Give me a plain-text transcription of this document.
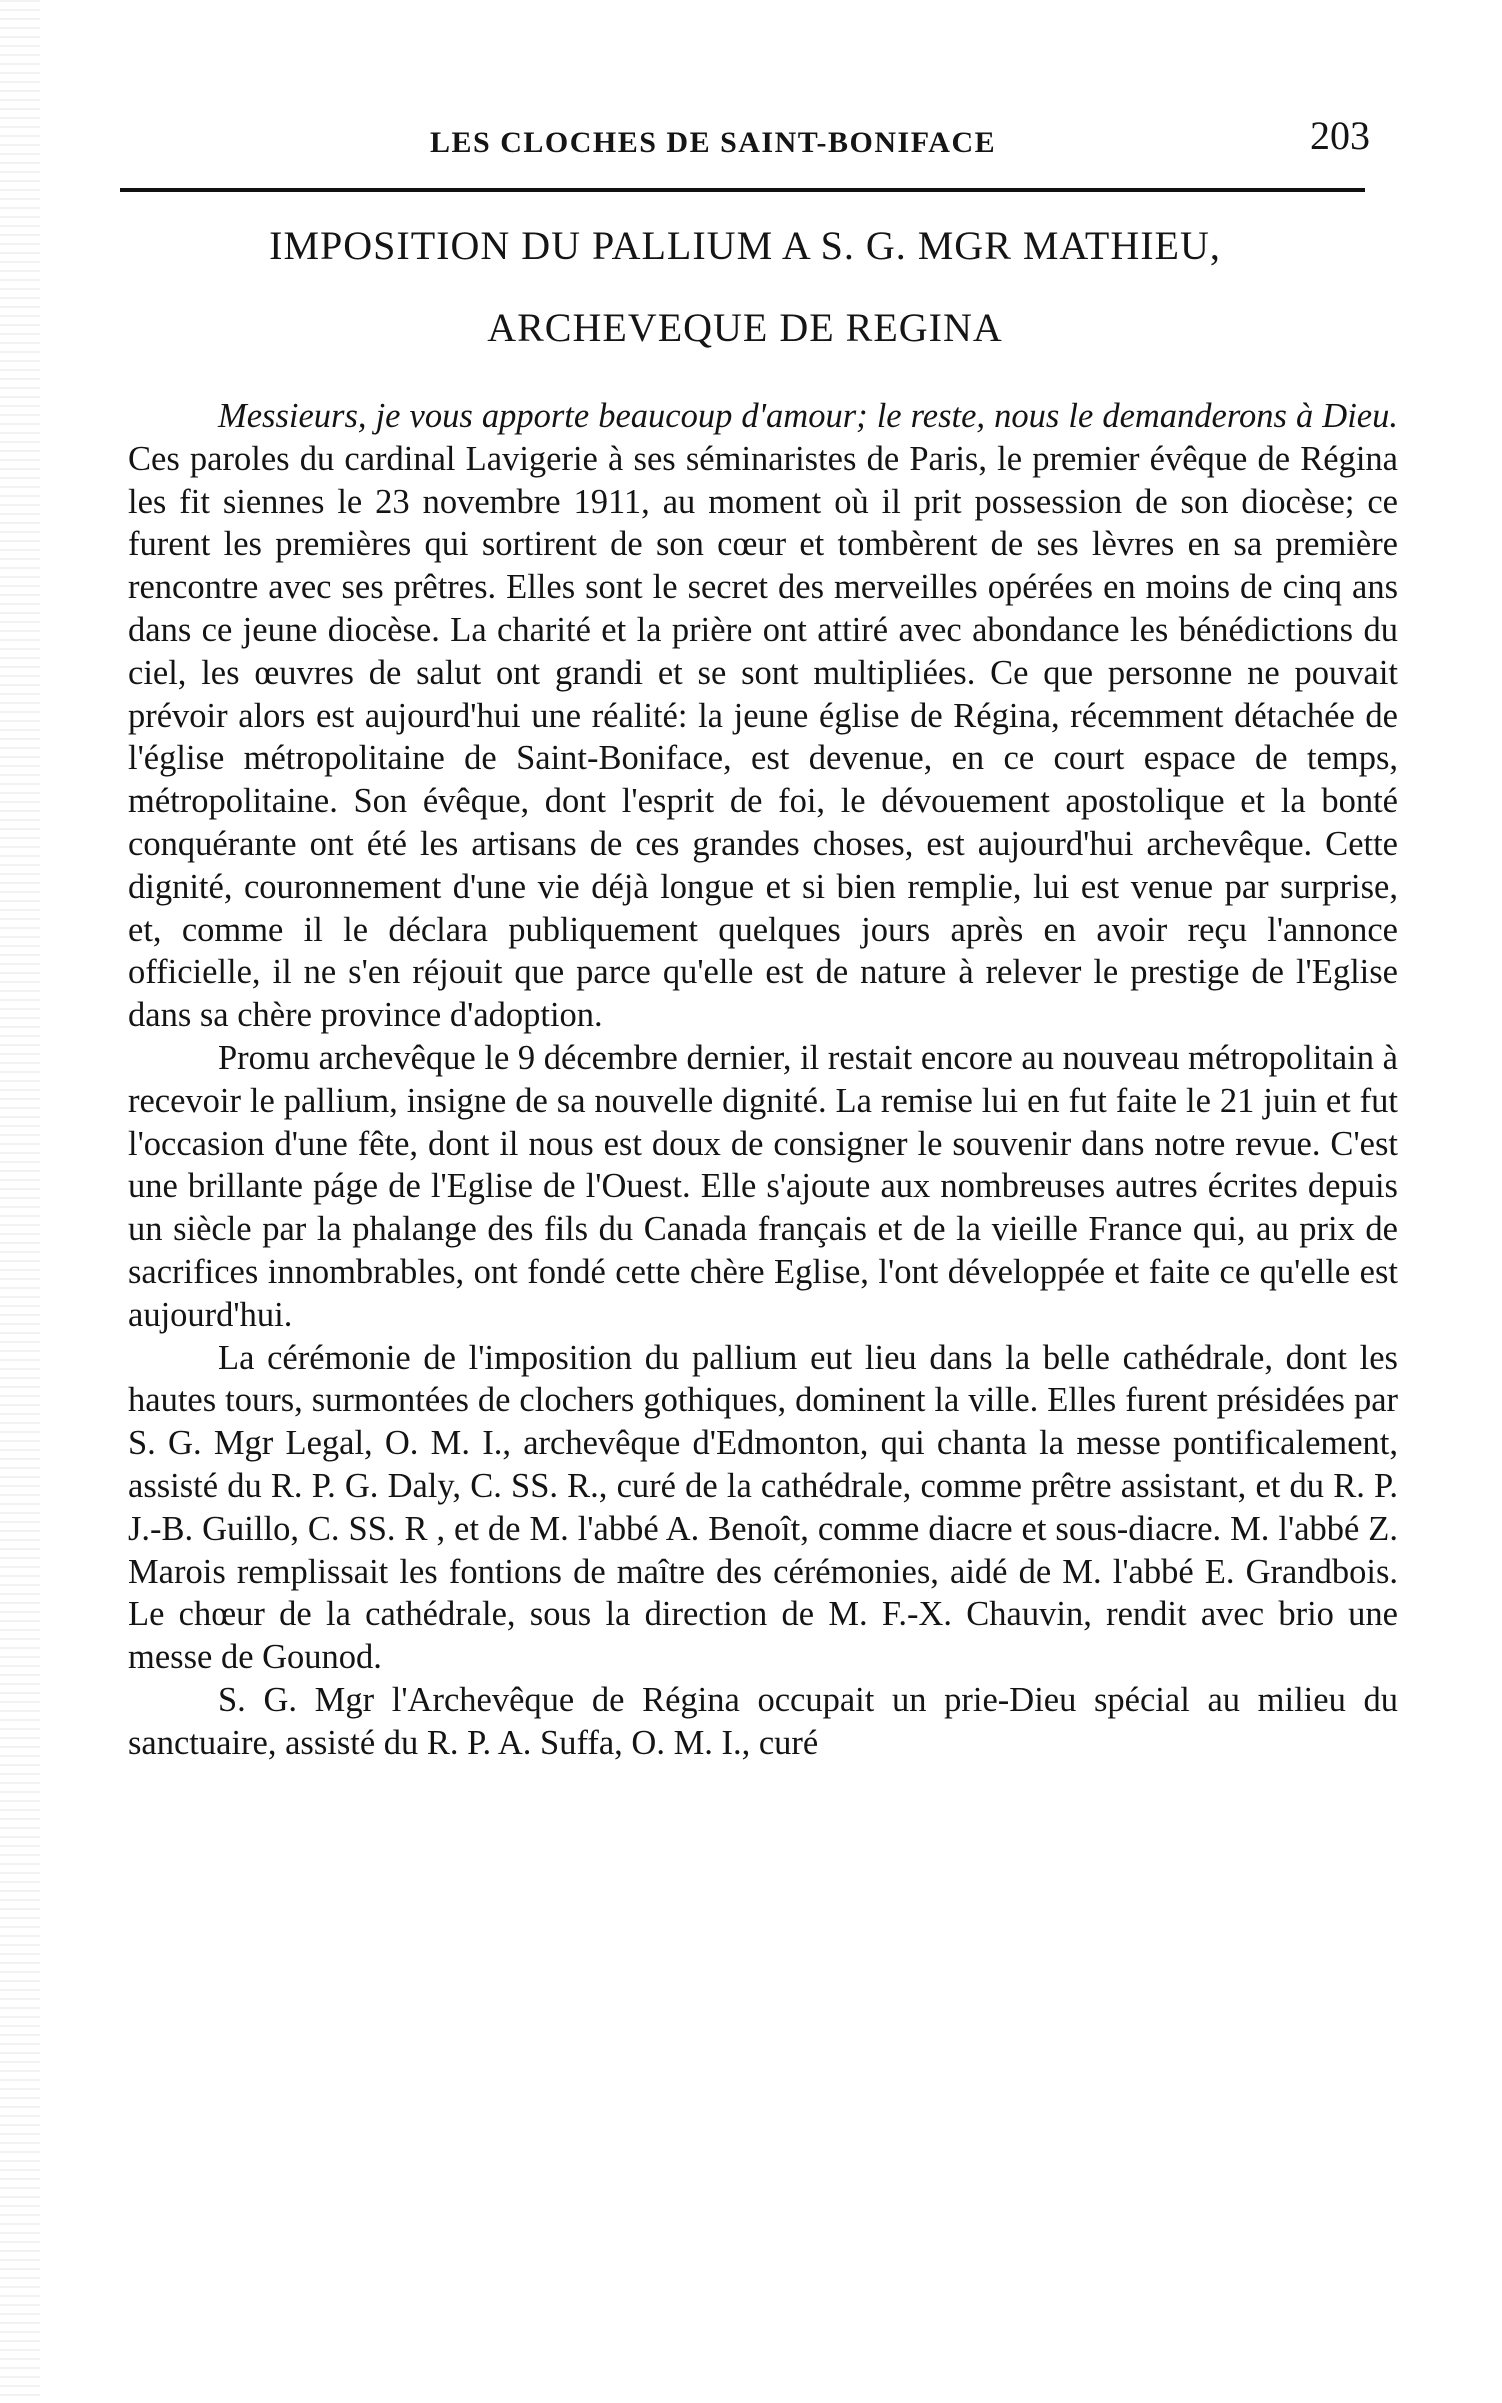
LES CLOCHES DE SAINT-BONIFACE	203
IMPOSITION DU PALLIUM A S. G. MGR MATHIEU,
ARCHEVEQUE DE REGINA

Messieurs, je vous apporte beaucoup d'amour; le reste, nous le demanderons à Dieu. Ces paroles du cardinal Lavigerie à ses séminaristes de Paris, le premier évêque de Régina les fit siennes le 23 novembre 1911, au moment où il prit possession de son diocèse; ce furent les premières qui sortirent de son cœur et tombèrent de ses lèvres en sa première rencontre avec ses prêtres. Elles sont le secret des merveilles opérées en moins de cinq ans dans ce jeune diocèse. La charité et la prière ont attiré avec abondance les bénédictions du ciel, les œuvres de salut ont grandi et se sont multipliées. Ce que personne ne pouvait prévoir alors est aujourd'hui une réalité: la jeune église de Régina, récemment détachée de l'église métropolitaine de Saint-Boniface, est devenue, en ce court espace de temps, métropolitaine. Son évêque, dont l'esprit de foi, le dévouement apostolique et la bonté conquérante ont été les artisans de ces grandes choses, est aujourd'hui archevêque. Cette dignité, couronnement d'une vie déjà longue et si bien remplie, lui est venue par surprise, et, comme il le déclara publiquement quelques jours après en avoir reçu l'annonce officielle, il ne s'en réjouit que parce qu'elle est de nature à relever le prestige de l'Eglise dans sa chère province d'adoption.

Promu archevêque le 9 décembre dernier, il restait encore au nouveau métropolitain à recevoir le pallium, insigne de sa nouvelle dignité. La remise lui en fut faite le 21 juin et fut l'occasion d'une fête, dont il nous est doux de consigner le souvenir dans notre revue. C'est une brillante páge de l'Eglise de l'Ouest. Elle s'ajoute aux nombreuses autres écrites depuis un siècle par la phalange des fils du Canada français et de la vieille France qui, au prix de sacrifices innombrables, ont fondé cette chère Eglise, l'ont développée et faite ce qu'elle est aujourd'hui.

La cérémonie de l'imposition du pallium eut lieu dans la belle cathédrale, dont les hautes tours, surmontées de clochers gothiques, dominent la ville. Elles furent présidées par S. G. Mgr Legal, O. M. I., archevêque d'Edmonton, qui chanta la messe pontificalement, assisté du R. P. G. Daly, C. SS. R., curé de la cathédrale, comme prêtre assistant, et du R. P. J.-B. Guillo, C. SS. R , et de M. l'abbé A. Benoît, comme diacre et sous-diacre. M. l'abbé Z. Marois remplissait les fontions de maître des cérémonies, aidé de M. l'abbé E. Grandbois. Le chœur de la cathédrale, sous la direction de M. F.-X. Chauvin, rendit avec brio une messe de Gounod.

S. G. Mgr l'Archevêque de Régina occupait un prie-Dieu spécial au milieu du sanctuaire, assisté du R. P. A. Suffa, O. M. I., curé
